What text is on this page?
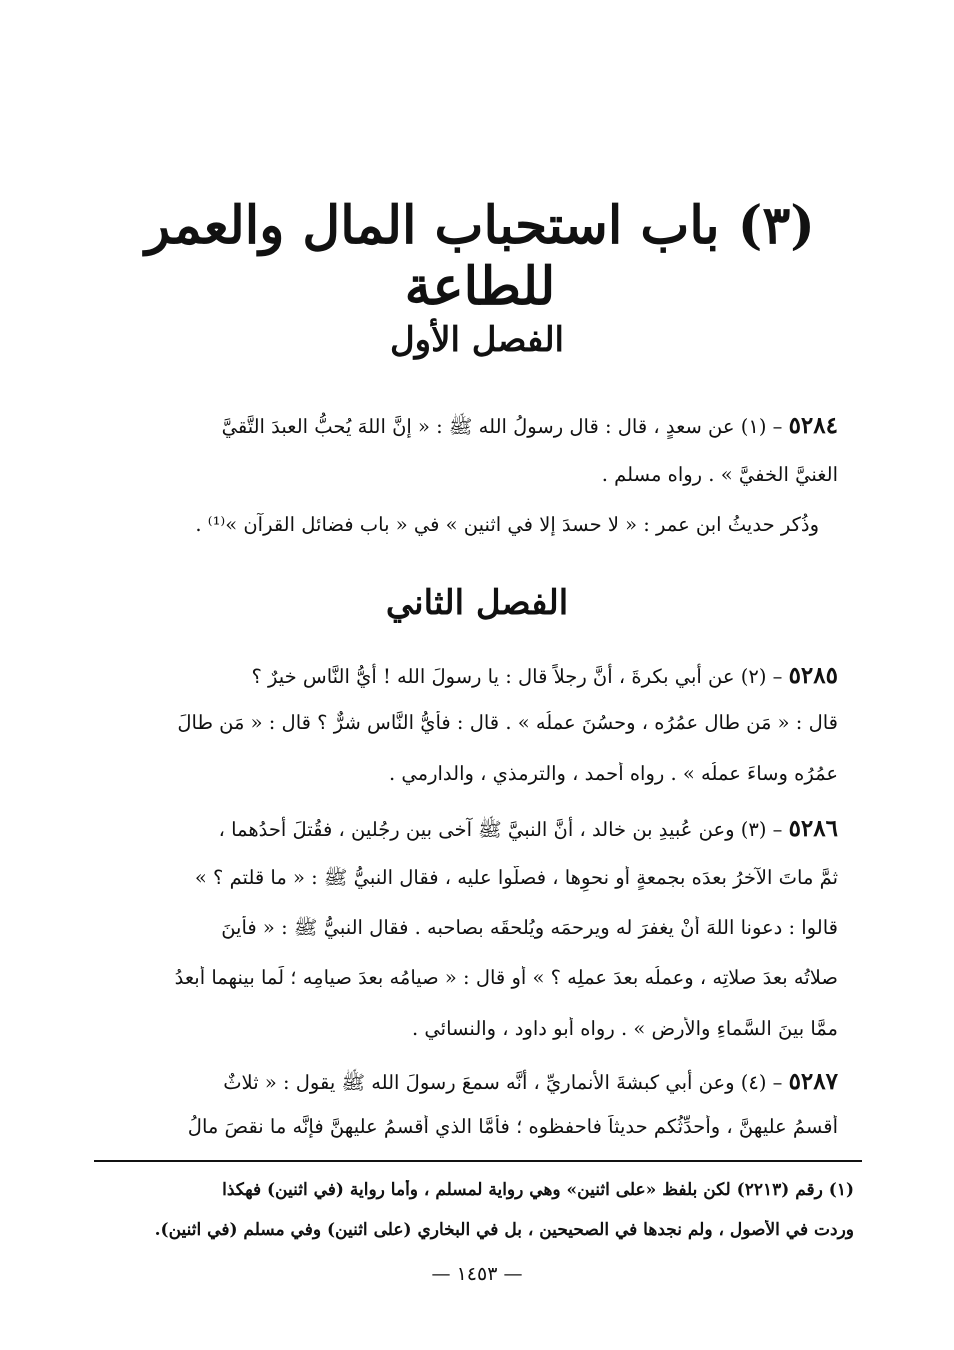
(٣) باب استحباب المال والعمر للطاعة
الفصل الأول
٥٢٨٤ – (١) عن سعدٍ ، قال : قال رسولُ الله ﷺ : « إنَّ اللهَ يُحبُّ العبدَ التَّقيَّ
الغنيَّ الخفيَّ » . رواه مسلم .
وذُكر حديثُ ابن عمر : « لا حسدَ إلا في اثنين » في « باب فضائل القرآن »⁽¹⁾ .
الفصل الثاني
٥٢٨٥ – (٢) عن أبي بكرةَ ، أنَّ رجلاً قال : يا رسولَ الله ! أيُّ النَّاسِ خيرٌ ؟
قال : « مَن طال عمُرُه ، وحسُنَ عملُه » . قال : فأيُّ النَّاسِ شرٌّ ؟ قال : « مَن طالَ
عمُرُه وساءَ عملُه » . رواه أحمد ، والترمذي ، والدارمي .
٥٢٨٦ – (٣) وعن عُبيدِ بن خالد ، أنَّ النبيَّ ﷺ آخى بين رجُلين ، فقُتلَ أحدُهما ،
ثمَّ ماتَ الآخرُ بعدَه بجمعةٍ أو نحوِها ، فصلَّوا عليه ، فقال النبيُّ ﷺ : « ما قلتم ؟ »
قالوا : دعونا اللهَ أنْ يغفرَ له ويرحمَه ويُلحقَه بصاحبه . فقال النبيُّ ﷺ : « فأينَ
صلاتُه بعدَ صلاتِه ، وعملُه بعدَ عملِه ؟ » أو قال : « صيامُه بعدَ صيامِه ؛ لَما بينهما أبعدُ
ممَّا بينَ السَّماءِ والأرضِ » . رواه أبو داود ، والنسائي .
٥٢٨٧ – (٤) وعن أبي كبشةَ الأنماريِّ ، أنَّه سمعَ رسولَ الله ﷺ يقول : « ثلاثٌ
أُقسمُ عليهنَّ ، وأحدِّثُكم حديثاً فاحفظوه ؛ فأمَّا الذي أُقسمُ عليهنَّ فإنَّه ما نقصَ مالُ
(١) رقم (٢٢١٣) لكن بلفظ «على اثنين» وهي رواية لمسلم ، وأما رواية (في اثنين) فهكذا
وردت في الأصول ، ولم نجدها في الصحيحين ، بل في البخاري (على اثنين) وفي مسلم (في اثنين).
— ١٤٥٣ —
